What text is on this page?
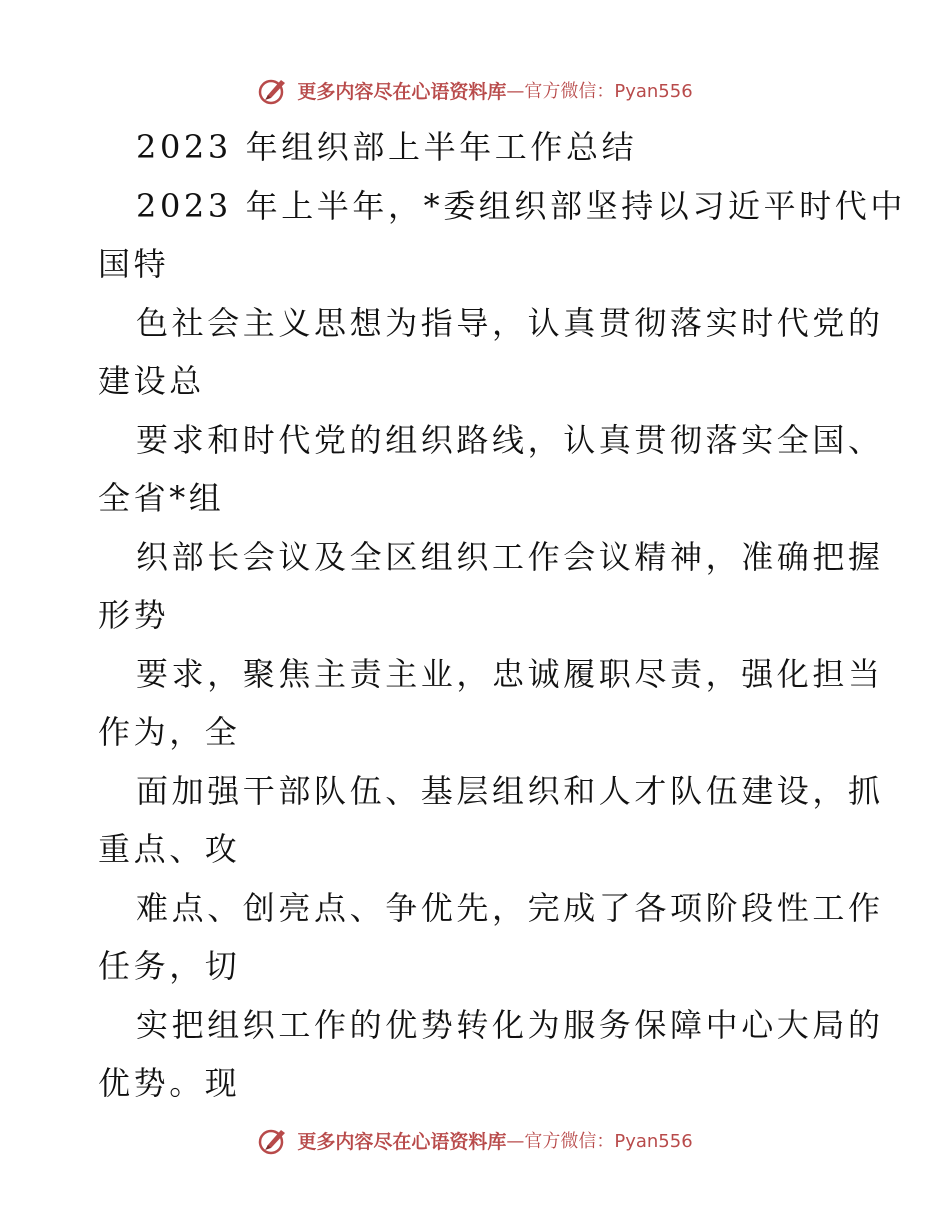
更多内容尽在心语资料库 —官方微信：Pyan556
2023 年组织部上半年工作总结
2023 年上半年，*委组织部坚持以习近平时代中
国特
色社会主义思想为指导，认真贯彻落实时代党的
建设总
要求和时代党的组织路线，认真贯彻落实全国、
全省*组
织部长会议及全区组织工作会议精神，准确把握
形势
要求，聚焦主责主业，忠诚履职尽责，强化担当
作为，全
面加强干部队伍、基层组织和人才队伍建设，抓
重点、攻
难点、创亮点、争优先，完成了各项阶段性工作
任务，切
实把组织工作的优势转化为服务保障中心大局的
优势。现
更多内容尽在心语资料库 —官方微信：Pyan556
